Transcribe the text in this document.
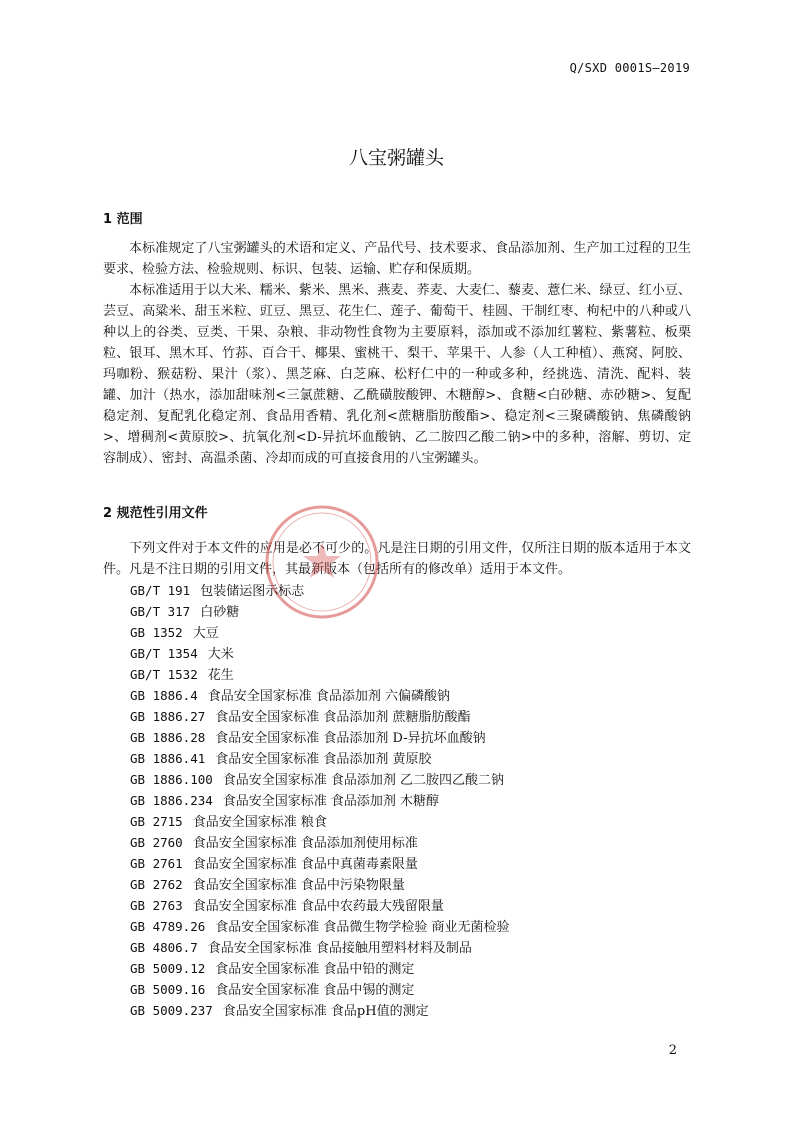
Q/SXD 0001S—2019
八宝粥罐头
1 范围

本标准规定了八宝粥罐头的术语和定义、产品代号、技术要求、食品添加剂、生产加工过程的卫生要求、检验方法、检验规则、标识、包装、运输、贮存和保质期。

本标准适用于以大米、糯米、紫米、黑米、燕麦、荞麦、大麦仁、藜麦、薏仁米、绿豆、红小豆、芸豆、高粱米、甜玉米粒、豇豆、黑豆、花生仁、莲子、葡萄干、桂圆、干制红枣、枸杞中的八种或八种以上的谷类、豆类、干果、杂粮、非动物性食物为主要原料，添加或不添加红薯粒、紫薯粒、板栗粒、银耳、黑木耳、竹荪、百合干、椰果、蜜桃干、梨干、苹果干、人参（人工种植）、燕窝、阿胶、玛咖粉、猴菇粉、果汁（浆）、黑芝麻、白芝麻、松籽仁中的一种或多种，经挑选、清洗、配料、装罐、加汁（热水，添加甜味剂<三氯蔗糖、乙酰磺胺酸钾、木糖醇>、食糖<白砂糖、赤砂糖>、复配稳定剂、复配乳化稳定剂、食品用香精、乳化剂<蔗糖脂肪酸酯>、稳定剂<三聚磷酸钠、焦磷酸钠>、增稠剂<黄原胶>、抗氧化剂<D-异抗坏血酸钠、乙二胺四乙酸二钠>中的多种，溶解、剪切、定容制成）、密封、高温杀菌、冷却而成的可直接食用的八宝粥罐头。

2 规范性引用文件

下列文件对于本文件的应用是必不可少的。凡是注日期的引用文件，仅所注日期的版本适用于本文件。凡是不注日期的引用文件，其最新版本（包括所有的修改单）适用于本文件。

GB/T 191 包装储运图示标志
GB/T 317 白砂糖
GB 1352 大豆
GB/T 1354 大米
GB/T 1532 花生
GB 1886.4 食品安全国家标准 食品添加剂 六偏磷酸钠
GB 1886.27 食品安全国家标准 食品添加剂 蔗糖脂肪酸酯
GB 1886.28 食品安全国家标准 食品添加剂 D-异抗坏血酸钠
GB 1886.41 食品安全国家标准 食品添加剂 黄原胶
GB 1886.100 食品安全国家标准 食品添加剂 乙二胺四乙酸二钠
GB 1886.234 食品安全国家标准 食品添加剂 木糖醇
GB 2715 食品安全国家标准 粮食
GB 2760 食品安全国家标准 食品添加剂使用标准
GB 2761 食品安全国家标准 食品中真菌毒素限量
GB 2762 食品安全国家标准 食品中污染物限量
GB 2763 食品安全国家标准 食品中农药最大残留限量
GB 4789.26 食品安全国家标准 食品微生物学检验 商业无菌检验
GB 4806.7 食品安全国家标准 食品接触用塑料材料及制品
GB 5009.12 食品安全国家标准 食品中铅的测定
GB 5009.16 食品安全国家标准 食品中锡的测定
GB 5009.237 食品安全国家标准 食品pH值的测定
2
